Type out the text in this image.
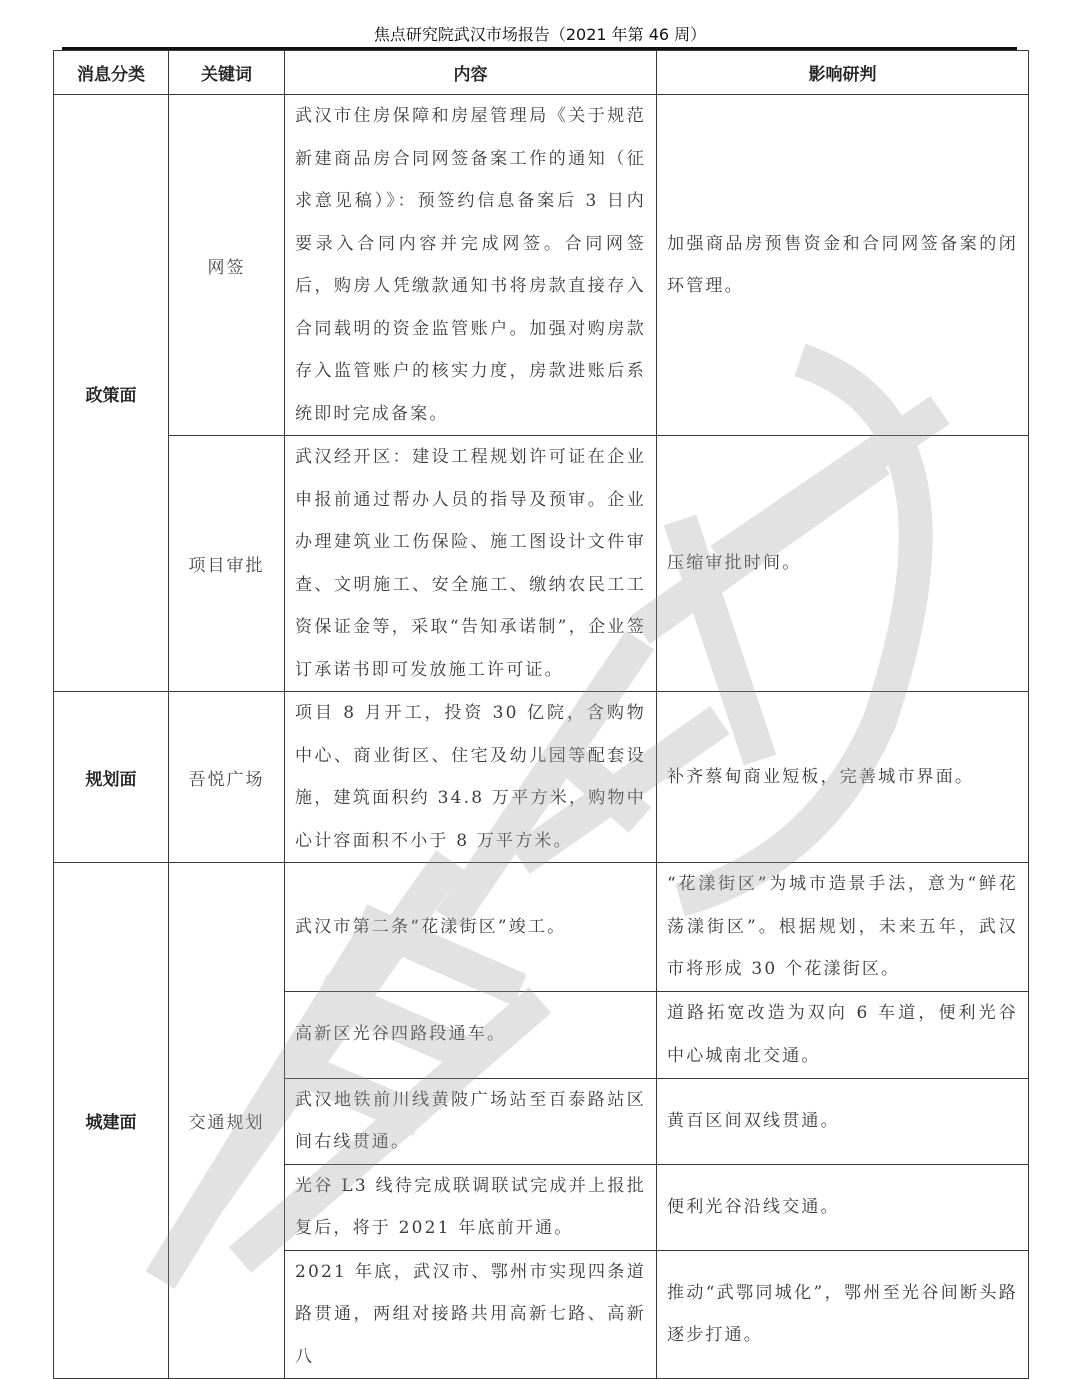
焦点研究院武汉市场报告（2021 年第 46 周）
消息分类	关键词	内容	影响研判
政策面	网签	武汉市住房保障和房屋管理局《关于规范新建商品房合同网签备案工作的通知（征求意见稿）》：预签约信息备案后 3 日内要录入合同内容并完成网签。合同网签后，购房人凭缴款通知书将房款直接存入合同载明的资金监管账户。加强对购房款存入监管账户的核实力度，房款进账后系统即时完成备案。	加强商品房预售资金和合同网签备案的闭环管理。
	项目审批	武汉经开区：建设工程规划许可证在企业申报前通过帮办人员的指导及预审。企业办理建筑业工伤保险、施工图设计文件审查、文明施工、安全施工、缴纳农民工工资保证金等，采取“告知承诺制”，企业签订承诺书即可发放施工许可证。	压缩审批时间。
规划面	吾悦广场	项目 8 月开工，投资 30 亿院，含购物中心、商业街区、住宅及幼儿园等配套设施，建筑面积约 34.8 万平方米，购物中心计容面积不小于 8 万平方米。	补齐蔡甸商业短板，完善城市界面。
城建面	交通规划	武汉市第二条“花漾街区”竣工。	“花漾街区”为城市造景手法，意为“鲜花荡漾街区”。根据规划，未来五年，武汉市将形成 30 个花漾街区。
		高新区光谷四路段通车。	道路拓宽改造为双向 6 车道，便利光谷中心城南北交通。
		武汉地铁前川线黄陂广场站至百泰路站区间右线贯通。	黄百区间双线贯通。
		光谷 L3 线待完成联调联试完成并上报批复后，将于 2021 年底前开通。	便利光谷沿线交通。
		2021 年底，武汉市、鄂州市实现四条道路贯通，两组对接路共用高新七路、高新八	推动“武鄂同城化”，鄂州至光谷间断头路逐步打通。
